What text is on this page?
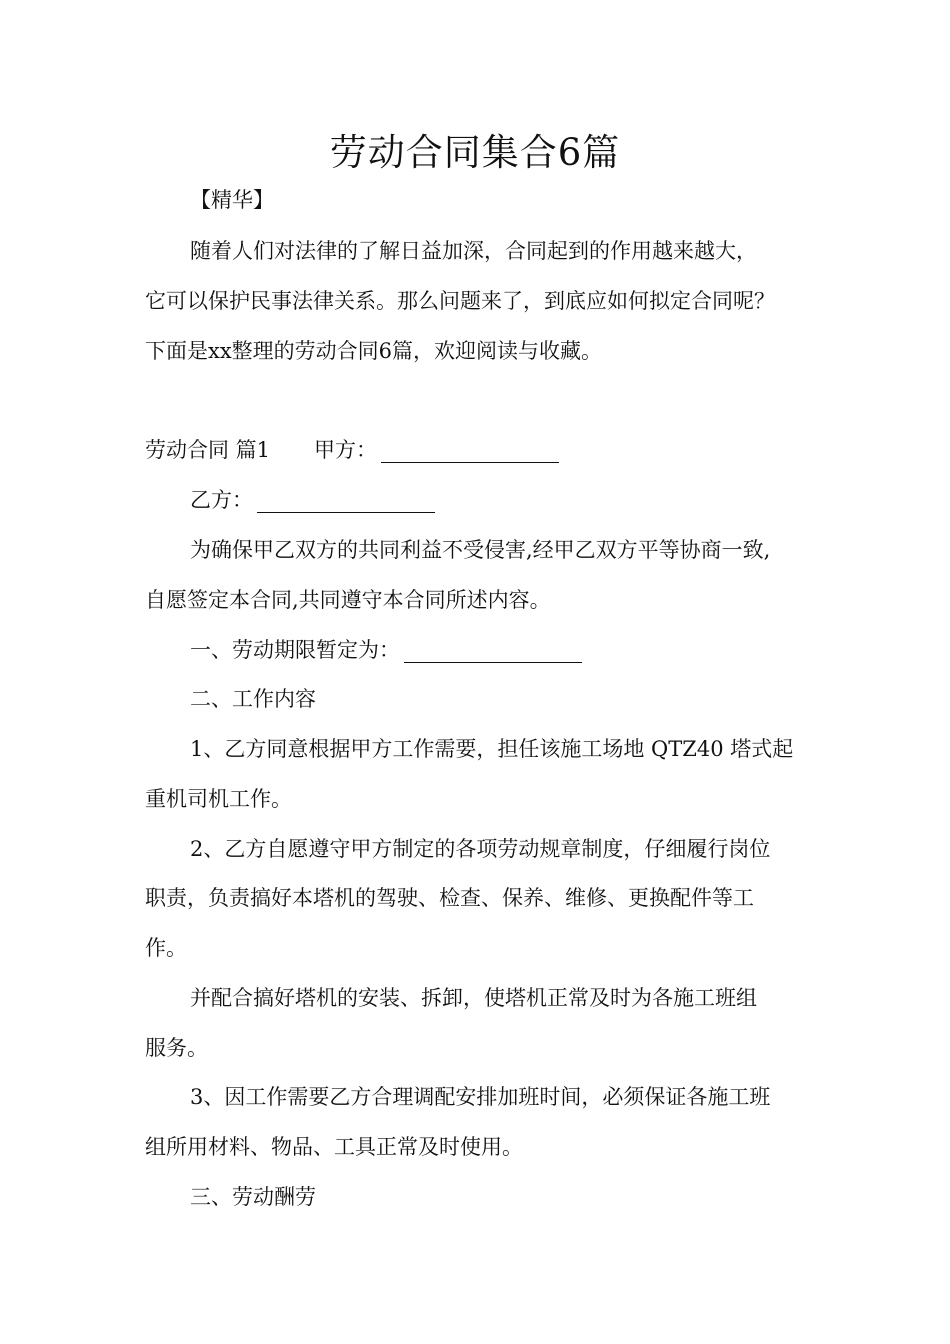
劳动合同集合6篇
【精华】
随着人们对法律的了解日益加深，合同起到的作用越来越大，
它可以保护民事法律关系。那么问题来了，到底应如何拟定合同呢？
下面是xx整理的劳动合同6篇，欢迎阅读与收藏。
劳动合同 篇1 甲方：
乙方：
为确保甲乙双方的共同利益不受侵害,经甲乙双方平等协商一致,
自愿签定本合同,共同遵守本合同所述内容。
一、劳动期限暂定为：
二、工作内容
1、乙方同意根据甲方工作需要，担任该施工场地 QTZ40 塔式起
重机司机工作。
2、乙方自愿遵守甲方制定的各项劳动规章制度，仔细履行岗位
职责，负责搞好本塔机的驾驶、检查、保养、维修、更换配件等工
作。
并配合搞好塔机的安装、拆卸，使塔机正常及时为各施工班组
服务。
3、因工作需要乙方合理调配安排加班时间，必须保证各施工班
组所用材料、物品、工具正常及时使用。
三、劳动酬劳
